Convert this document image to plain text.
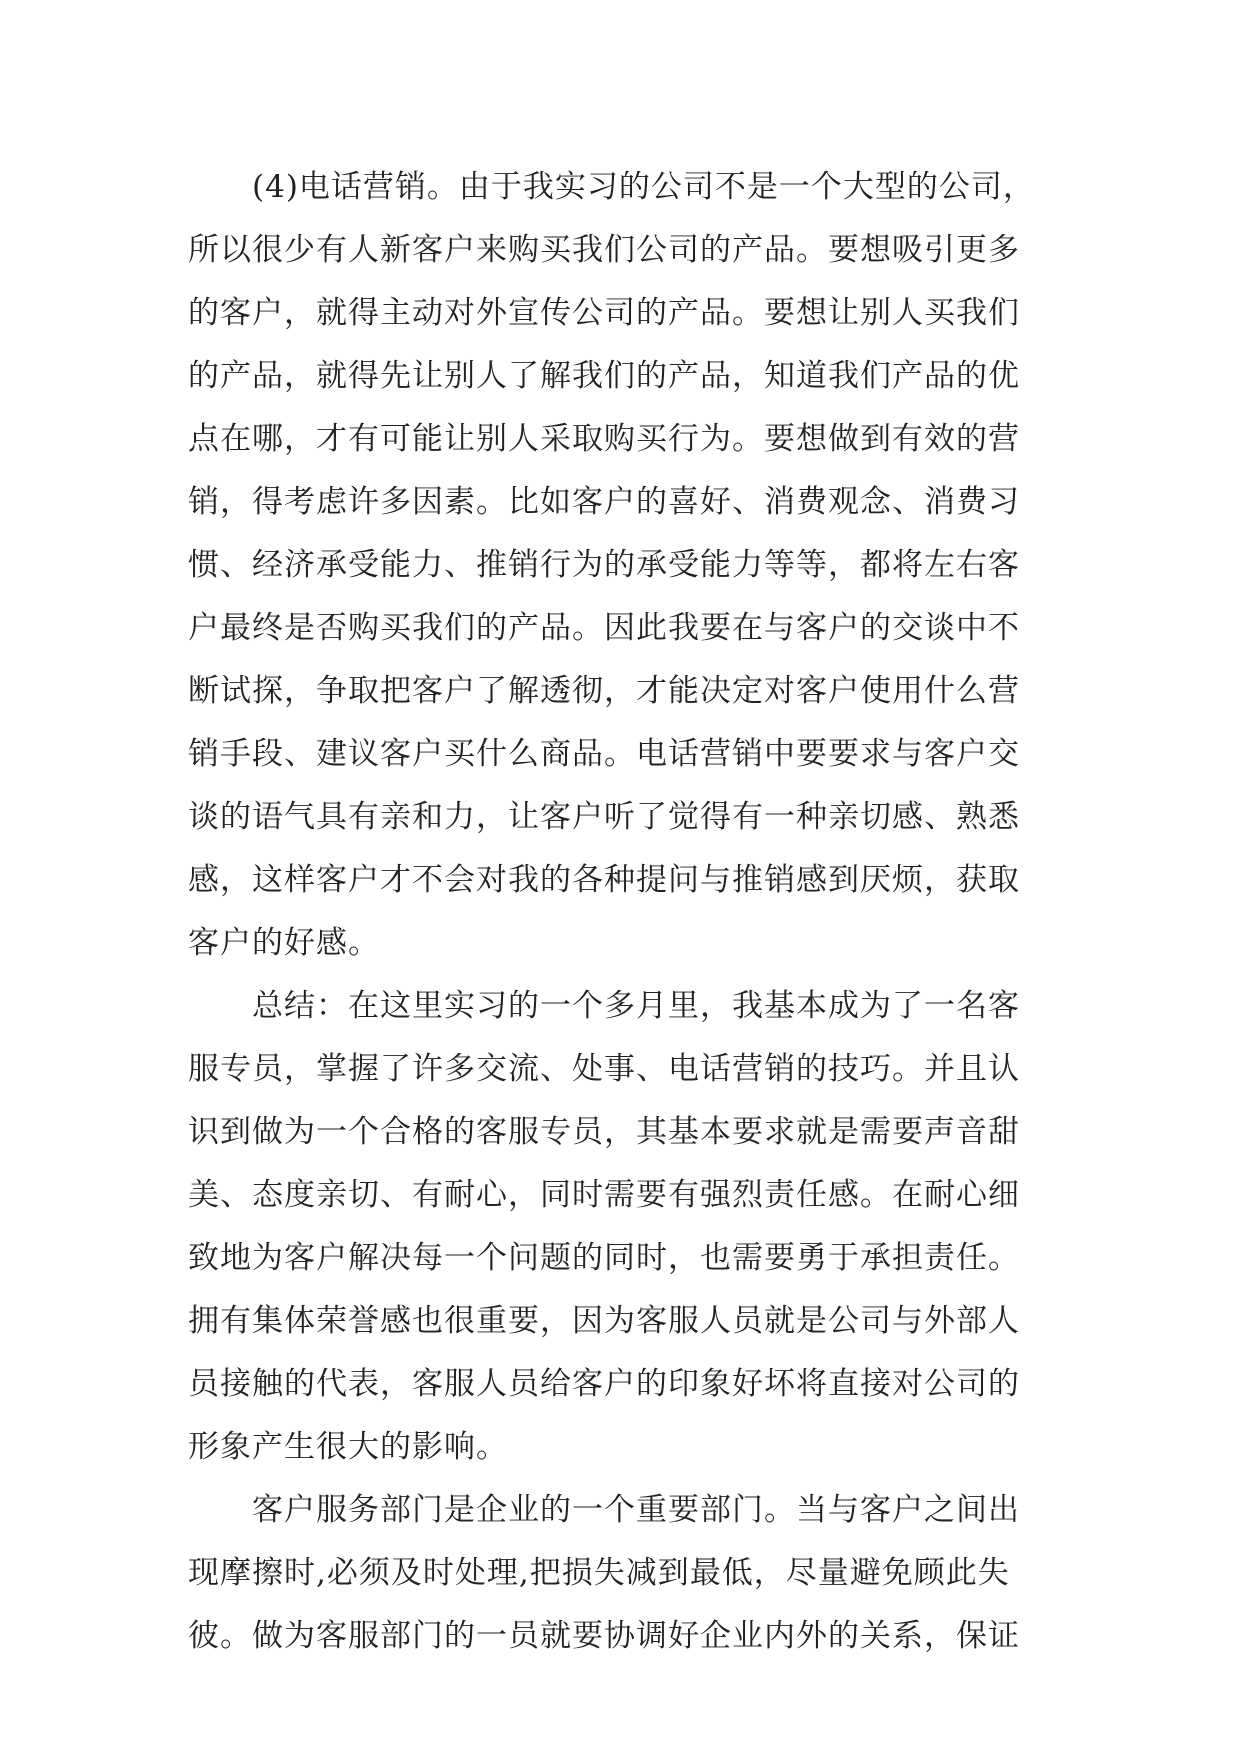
(4)电话营销。由于我实习的公司不是一个大型的公司，
所以很少有人新客户来购买我们公司的产品。要想吸引更多
的客户，就得主动对外宣传公司的产品。要想让别人买我们
的产品，就得先让别人了解我们的产品，知道我们产品的优
点在哪，才有可能让别人采取购买行为。要想做到有效的营
销，得考虑许多因素。比如客户的喜好、消费观念、消费习
惯、经济承受能力、推销行为的承受能力等等，都将左右客
户最终是否购买我们的产品。因此我要在与客户的交谈中不
断试探，争取把客户了解透彻，才能决定对客户使用什么营
销手段、建议客户买什么商品。电话营销中要要求与客户交
谈的语气具有亲和力，让客户听了觉得有一种亲切感、熟悉
感，这样客户才不会对我的各种提问与推销感到厌烦，获取
客户的好感。
总结：在这里实习的一个多月里，我基本成为了一名客
服专员，掌握了许多交流、处事、电话营销的技巧。并且认
识到做为一个合格的客服专员，其基本要求就是需要声音甜
美、态度亲切、有耐心，同时需要有强烈责任感。在耐心细
致地为客户解决每一个问题的同时，也需要勇于承担责任。
拥有集体荣誉感也很重要，因为客服人员就是公司与外部人
员接触的代表，客服人员给客户的印象好坏将直接对公司的
形象产生很大的影响。
客户服务部门是企业的一个重要部门。当与客户之间出
现摩擦时,必须及时处理,把损失减到最低，尽量避免顾此失
彼。做为客服部门的一员就要协调好企业内外的关系，保证
